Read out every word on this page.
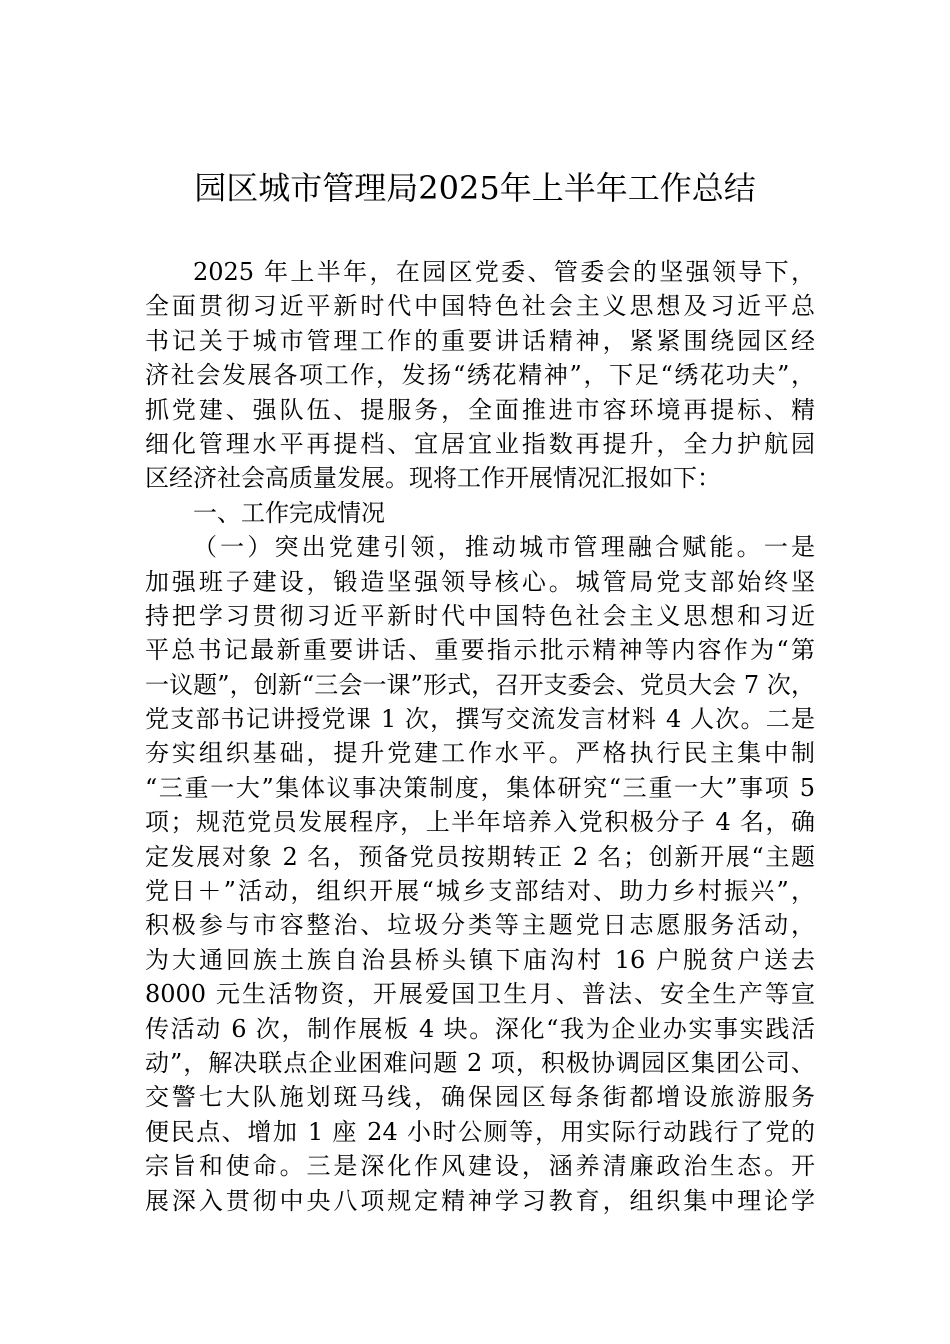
园区城市管理局2025年上半年工作总结
2025 年上半年，在园区党委、管委会的坚强领导下，
全面贯彻习近平新时代中国特色社会主义思想及习近平总
书记关于城市管理工作的重要讲话精神，紧紧围绕园区经
济社会发展各项工作，发扬“绣花精神”，下足“绣花功夫”，
抓党建、强队伍、提服务，全面推进市容环境再提标、精
细化管理水平再提档、宜居宜业指数再提升，全力护航园
区经济社会高质量发展。现将工作开展情况汇报如下：
一、工作完成情况
（一）突出党建引领，推动城市管理融合赋能。一是
加强班子建设，锻造坚强领导核心。城管局党支部始终坚
持把学习贯彻习近平新时代中国特色社会主义思想和习近
平总书记最新重要讲话、重要指示批示精神等内容作为“第
一议题”，创新“三会一课”形式，召开支委会、党员大会 7 次，
党支部书记讲授党课 1 次，撰写交流发言材料 4 人次。二是
夯实组织基础，提升党建工作水平。严格执行民主集中制
“三重一大”集体议事决策制度，集体研究“三重一大”事项 5
项；规范党员发展程序，上半年培养入党积极分子 4 名，确
定发展对象 2 名，预备党员按期转正 2 名；创新开展“主题
党日＋”活动，组织开展“城乡支部结对、助力乡村振兴”，
积极参与市容整治、垃圾分类等主题党日志愿服务活动，
为大通回族土族自治县桥头镇下庙沟村 16 户脱贫户送去
8000 元生活物资，开展爱国卫生月、普法、安全生产等宣
传活动 6 次，制作展板 4 块。深化“我为企业办实事实践活
动”，解决联点企业困难问题 2 项，积极协调园区集团公司、
交警七大队施划斑马线，确保园区每条街都增设旅游服务
便民点、增加 1 座 24 小时公厕等，用实际行动践行了党的
宗旨和使命。三是深化作风建设，涵养清廉政治生态。开
展深入贯彻中央八项规定精神学习教育，组织集中理论学
